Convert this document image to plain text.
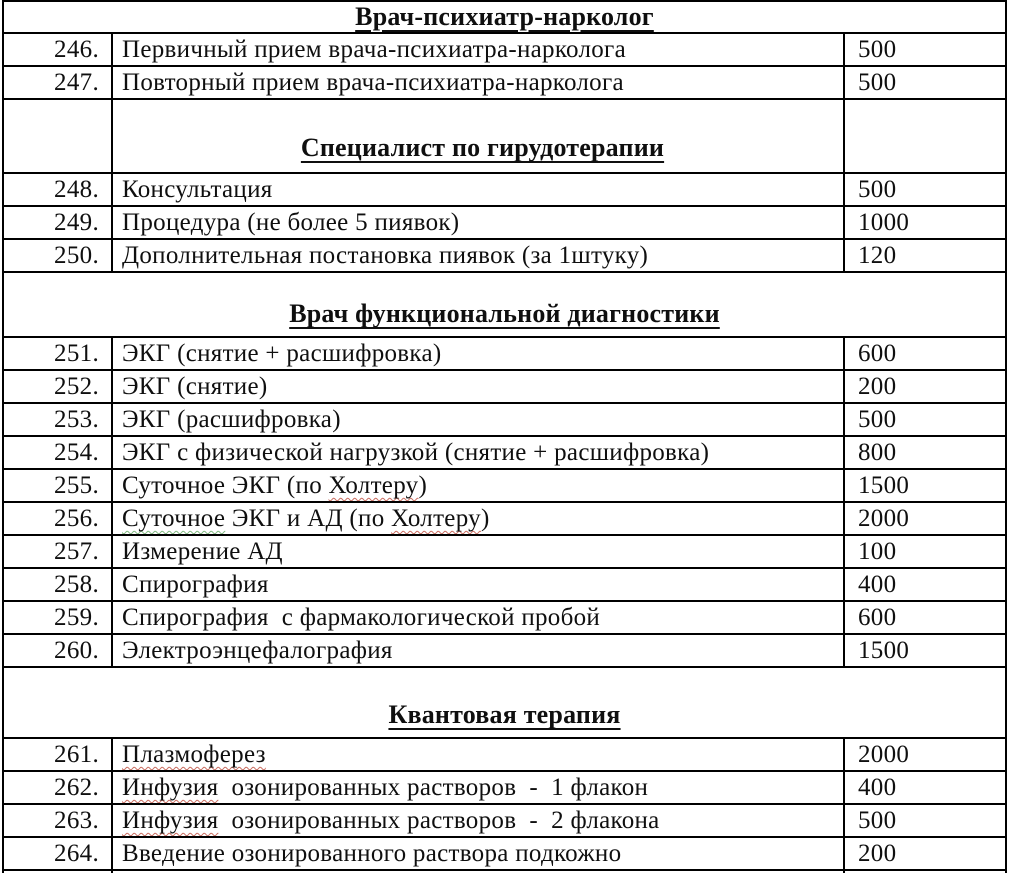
Врач-психиатр-нарколог
246. Первичный прием врача-психиатра-нарколога	500
247. Повторный прием врача-психиатра-нарколога	500
Специалист по гирудотерапии
248. Консультация	500
249. Процедура (не более 5 пиявок)	1000
250. Дополнительная постановка пиявок (за 1штуку)	120
Врач функциональной диагностики
251. ЭКГ (снятие + расшифровка)	600
252. ЭКГ (снятие)	200
253. ЭКГ (расшифровка)	500
254. ЭКГ с физической нагрузкой (снятие + расшифровка)	800
255. Суточное ЭКГ (по Холтеру )	1500
256. Суточное ЭКГ и АД (по Холтеру )	2000
257. Измерение АД	100
258. Спирография	400
259. Спирография  с фармакологической пробой	600
260. Электроэнцефалография	1500
Квантовая терапия
261. Плазмоферез	2000
262. Инфузия озонированных растворов  -  1 флакон	400
263. Инфузия озонированных растворов  -  2 флакона	500
264. Введение озонированного раствора подкожно	200
